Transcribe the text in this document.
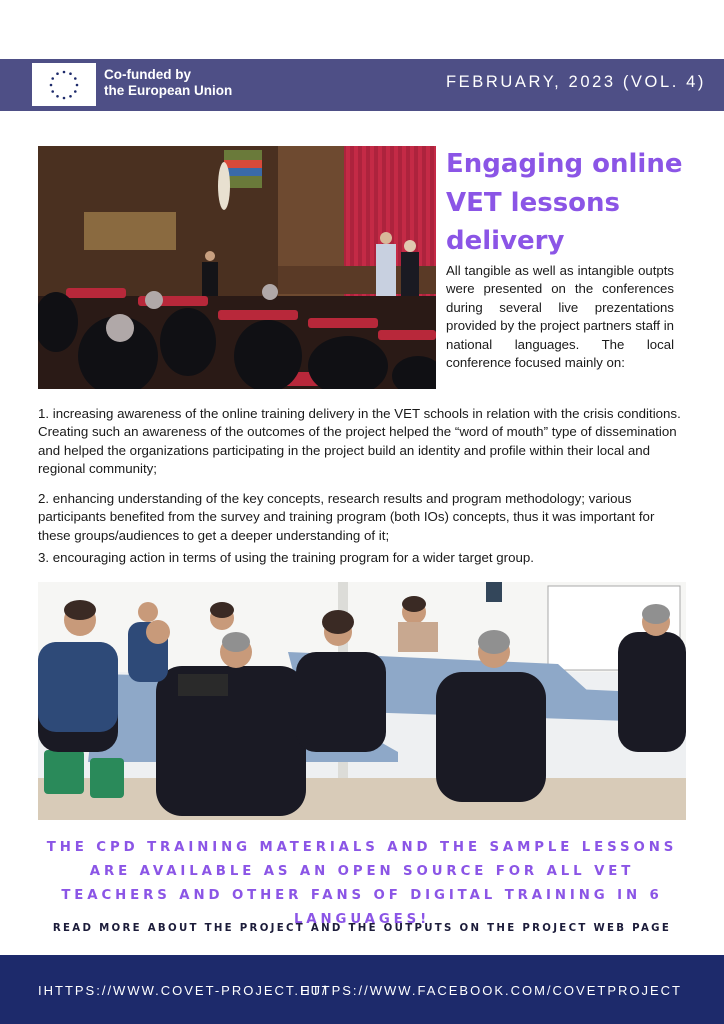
Co-funded by
the European Union	FEBRUARY, 2023 (VOL. 4)
Engaging online
VET lessons
delivery

All tangible as well as intangible outpts were presented on the conferences during several live prezentations provided by the project partners staff in national languages. The local conference focused mainly on:

1. increasing awareness of the online training delivery in the VET schools in relation with the crisis conditions. Creating such an awareness of the outcomes of the project helped the “word of mouth” type of dissemination and helped the organizations participating in the project build an identity and profile within their local and regional community;

2. enhancing understanding of the key concepts, research results and program methodology; various participants benefited from the survey and training program (both IOs) concepts, thus it was important for these groups/audiences to get a deeper understanding of it;

3. encouraging action in terms of using the training program for a wider target group.

THE CPD TRAINING MATERIALS AND THE SAMPLE LESSONS ARE AVAILABLE AS AN OPEN SOURCE FOR ALL VET TEACHERS AND OTHER FANS OF DIGITAL TRAINING IN 6 LANGUAGES!

READ MORE ABOUT THE PROJECT AND THE OUTPUTS ON THE PROJECT WEB PAGE

IHTTPS://WWW.COVET-PROJECT.EU/
HTTPS://WWW.FACEBOOK.COM/COVETPROJECT
